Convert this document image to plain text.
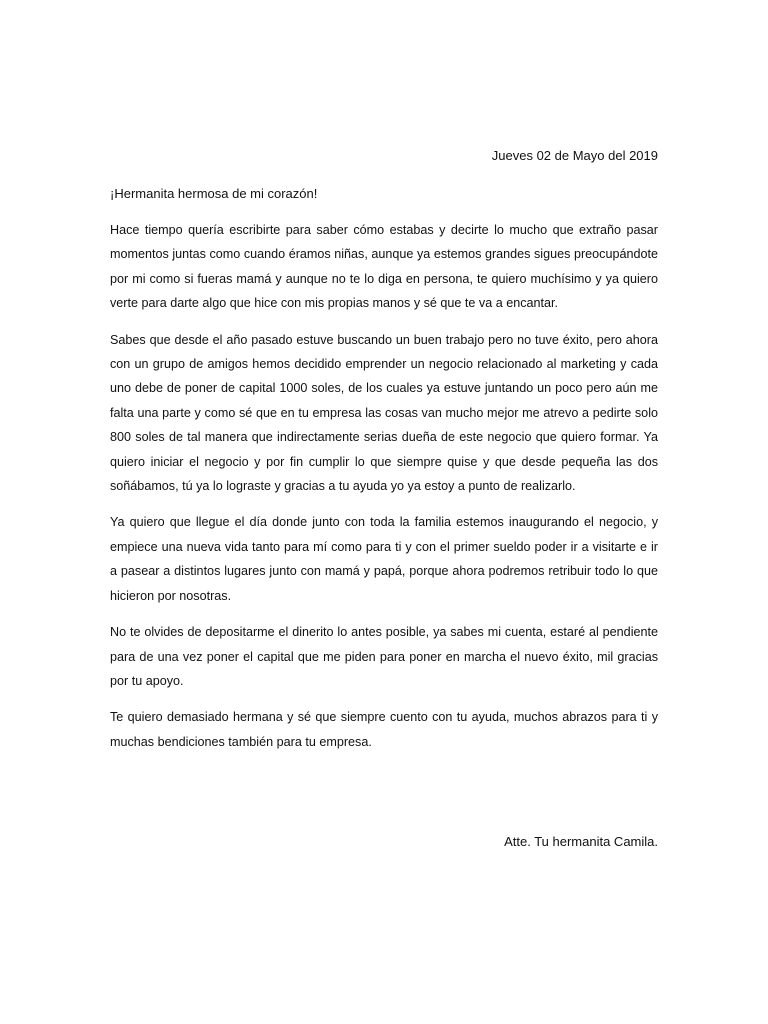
Jueves 02 de Mayo del 2019
¡Hermanita hermosa de mi corazón!

Hace tiempo quería escribirte para saber cómo estabas y decirte lo mucho que extraño pasar momentos juntas como cuando éramos niñas, aunque ya estemos grandes sigues preocupándote por mi como si fueras mamá y aunque no te lo diga en persona, te quiero muchísimo y ya quiero verte para darte algo que hice con mis propias manos y sé que te va a encantar.

Sabes que desde el año pasado estuve buscando un buen trabajo pero no tuve éxito, pero ahora con un grupo de amigos hemos decidido emprender un negocio relacionado al marketing y cada uno debe de poner de capital 1000 soles, de los cuales ya estuve juntando un poco pero aún me falta una parte y como sé que en tu empresa las cosas van mucho mejor me atrevo a pedirte solo 800 soles de tal manera que indirectamente serias dueña de este negocio que quiero formar. Ya quiero iniciar el negocio y por fin cumplir lo que siempre quise y que desde pequeña las dos soñábamos, tú ya lo lograste y gracias a tu ayuda yo ya estoy a punto de realizarlo.

Ya quiero que llegue el día donde junto con toda la familia estemos inaugurando el negocio, y empiece una nueva vida tanto para mí como para ti y con el primer sueldo poder ir a visitarte e ir a pasear a distintos lugares junto con mamá y papá, porque ahora podremos retribuir todo lo que hicieron por nosotras.

No te olvides de depositarme el dinerito lo antes posible, ya sabes mi cuenta, estaré al pendiente para de una vez poner el capital que me piden para poner en marcha el nuevo éxito, mil gracias por tu apoyo.

Te quiero demasiado hermana y sé que siempre cuento con tu ayuda, muchos abrazos para ti y muchas bendiciones también para tu empresa.

Atte. Tu hermanita Camila.
